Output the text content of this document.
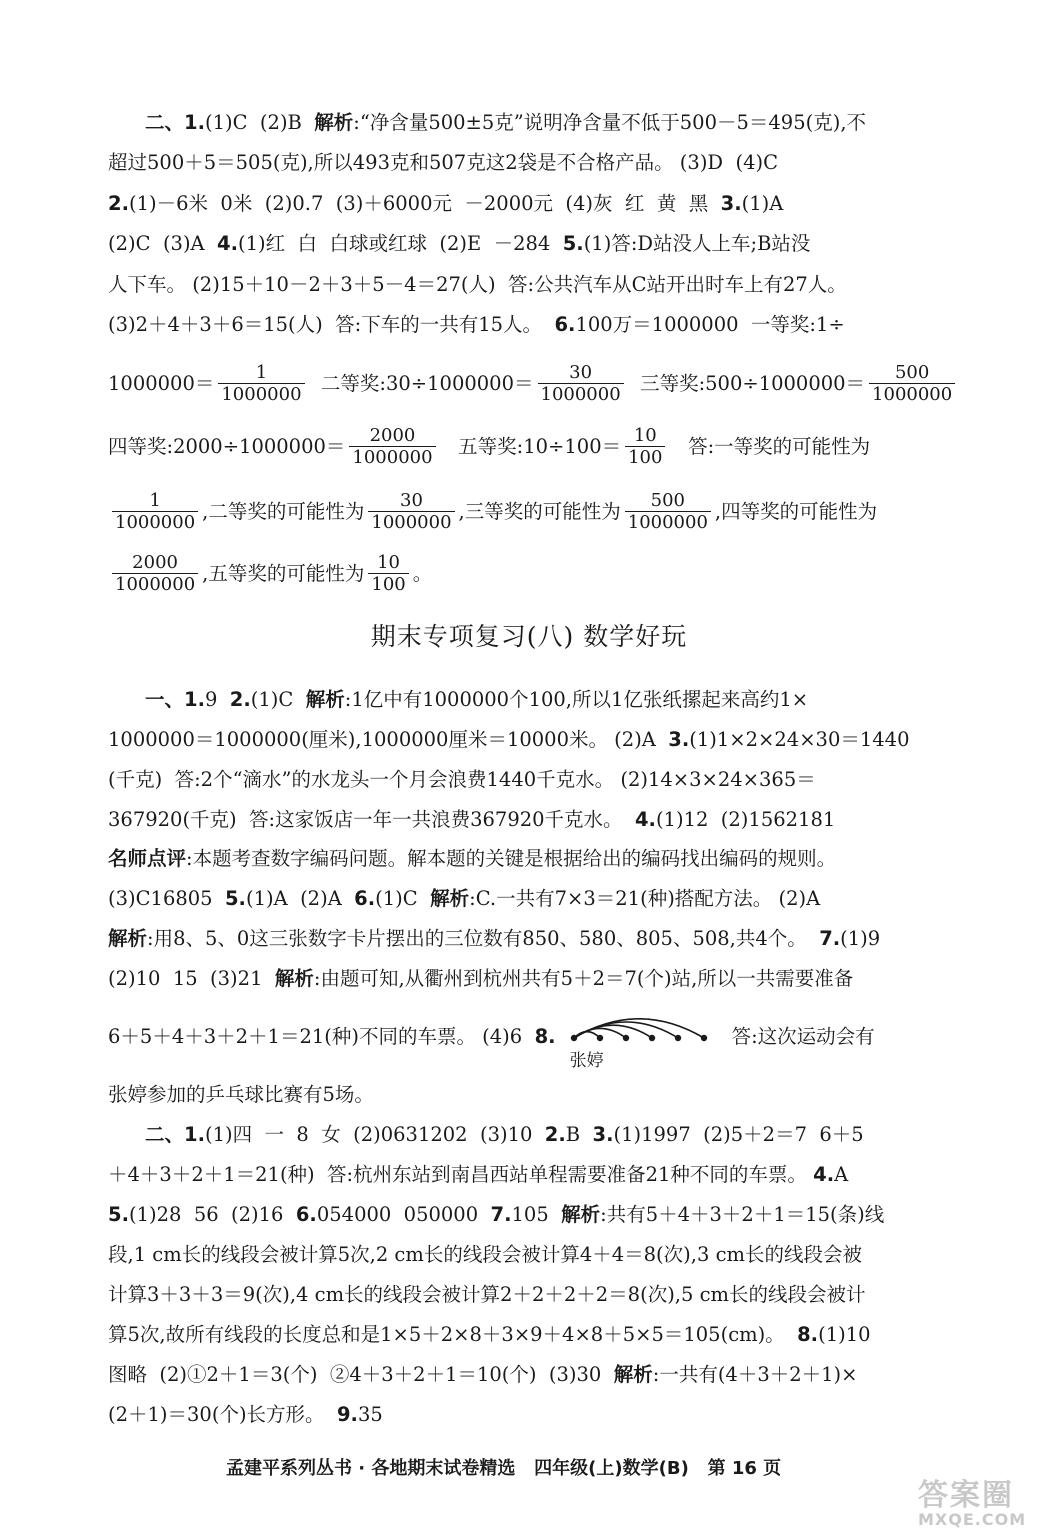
二、1. (1)C  (2)B 解析 :“净含量500±5克”说明净含量不低于500－5＝495(克),不
超过500＋5＝505(克),所以493克和507克这2袋是不合格产品。 (3)D  (4)C
2. (1)－6米  0米  (2)0.7  (3)＋6000元  －2000元  (4)灰  红  黄  黑 3. (1)A
(2)C  (3)A 4. (1)红  白  白球或红球  (2)E  －284 5. (1)答:D站没人上车;B站没
人下车。 (2)15＋10－2＋3＋5－4＝27(人)  答:公共汽车从C站开出时车上有27人。
(3)2＋4＋3＋6＝15(人)  答:下车的一共有15人。 6. 100万＝1000000  一等奖:1÷
$1000000= \frac{1}{1000000}$ 二等奖:30÷1000000＝ $\frac{30}{1000000}$ 三等奖:500÷1000000＝ $\frac{500}{1000000}$
四等奖:2000÷1000000＝ $\frac{2000}{1000000}$ 五等奖:10÷100＝ $\frac{10}{100}$ 答:一等奖的可能性为
$\frac{1}{1000000}$ ,二等奖的可能性为 $\frac{30}{1000000}$ ,三等奖的可能性为 $\frac{500}{1000000}$ ,四等奖的可能性为
$\frac{2000}{1000000}$ ,五等奖的可能性为 $\frac{10}{100}$ 。
一、1. 9 2. (1)C 解析 :1亿中有1000000个100,所以1亿张纸摞起来高约1×
1000000＝1000000(厘米),1000000厘米＝10000米。 (2)A 3. (1)1×2×24×30＝1440
(千克)  答:2个“滴水”的水龙头一个月会浪费1440千克水。 (2)14×3×24×365＝
367920(千克)  答:这家饭店一年一共浪费367920千克水。 4. (1)12  (2)1562181
名师点评 :本题考查数字编码问题。解本题的关键是根据给出的编码找出编码的规则。
(3)C16805 5. (1)A  (2)A 6. (1)C 解析 :C.一共有7×3＝21(种)搭配方法。 (2)A
解析 :用8、5、0这三张数字卡片摆出的三位数有850、580、805、508,共4个。 7. (1)9
(2)10  15  (3)21 解析 :由题可知,从衢州到杭州共有5＋2＝7(个)站,所以一共需要准备
6＋5＋4＋3＋2＋1＝21(种)不同的车票。 (4)6 8.
张婷
答:这次运动会有
张婷参加的乒乓球比赛有5场。
二、1. (1)四  一  8  女  (2)0631202  (3)10 2. B 3. (1)1997  (2)5＋2＝7  6＋5
＋4＋3＋2＋1＝21(种)  答:杭州东站到南昌西站单程需要准备21种不同的车票。 4. A
5. (1)28  56  (2)16 6. 054000  050000 7. 105 解析 :共有5＋4＋3＋2＋1＝15(条)线
段,1 cm长的线段会被计算5次,2 cm长的线段会被计算4＋4＝8(次),3 cm长的线段会被
计算3＋3＋3＝9(次),4 cm长的线段会被计算2＋2＋2＋2＝8(次),5 cm长的线段会被计
算5次,故所有线段的长度总和是1×5＋2×8＋3×9＋4×8＋5×5＝105(cm)。 8. (1)10
图略  (2)①2＋1＝3(个)  ②4＋3＋2＋1＝10(个)  (3)30 解析 :一共有(4＋3＋2＋1)×
(2＋1)＝30(个)长方形。 9. 35
期末专项复习(八) 数学好玩
孟建平系列丛书 · 各地期末试卷精选   四年级(上)数学(B)   第 16 页
答案圈
MXQE.COM
